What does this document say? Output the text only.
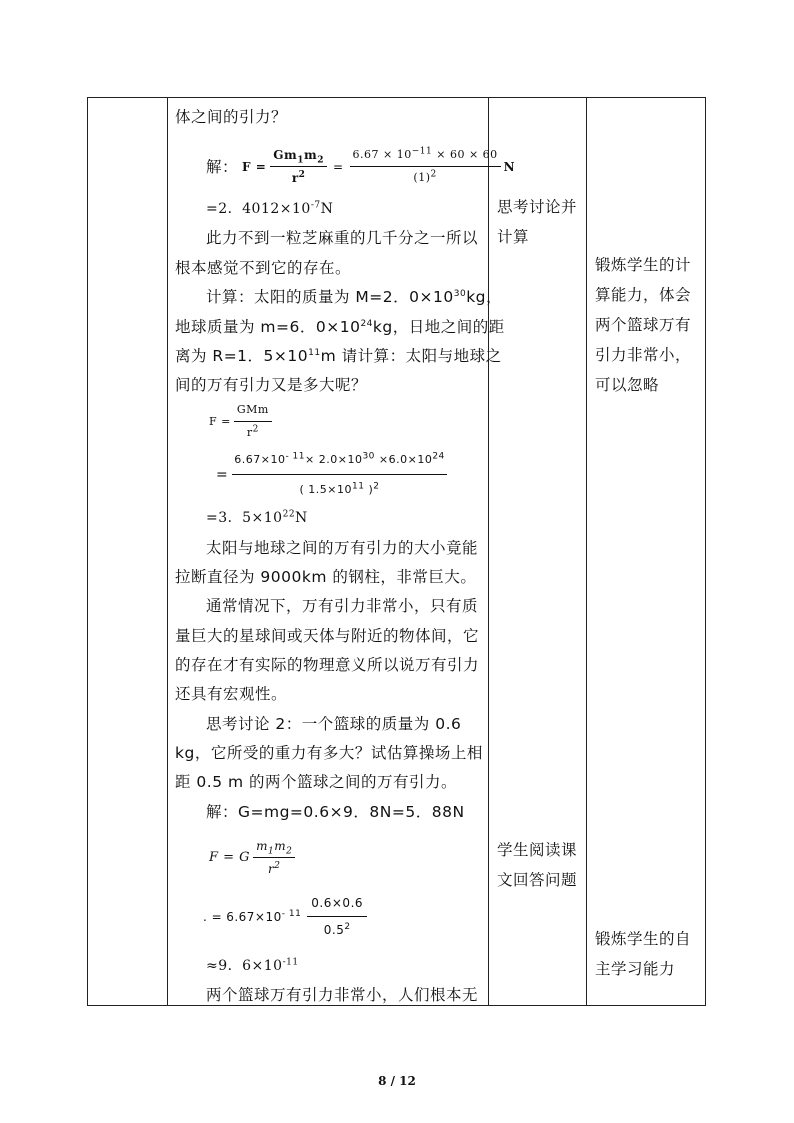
体之间的引力？
解： $F = \frac{Gm_1m_2}{r^2} = \frac{6.67 \times 10^{-11} \times 60 \times 60}{(1)^2}$ N
=2．$4012\times 10^{-7}N$
此力不到一粒芝麻重的几千分之一所以
根本感觉不到它的存在。
计算：太阳的质量为 M=2．$0\times 10^{30}kg$，
地球质量为 m=6．$0\times 10^{24}kg$，日地之间的距
离为 R=1．$5\times 10^{11}m$ 请计算：太阳与地球之
间的万有引力又是多大呢？
$F = \frac{\text{GMm}}{r^2}$
= $\frac{6.67\times 10^{- 11}\times 2.0\times 10^{30} \times 6.0\times 10^{24}}{( 1.5\times 10^{11} )^2}$
=3．$5\times 10^{22}N$
太阳与地球之间的万有引力的大小竟能
拉断直径为 9000km 的钢柱，非常巨大。
通常情况下，万有引力非常小，只有质
量巨大的星球间或天体与附近的物体间，它
的存在才有实际的物理意义所以说万有引力
还具有宏观性。
思考讨论 2：一个篮球的质量为 0.6
kg，它所受的重力有多大？试估算操场上相
距 0.5 m 的两个篮球之间的万有引力。
解：G=mg=0.6×9．8N=5．88N
F = G $\frac{m_1m_2}{r^2}$
. = $6.67\times 10^{- 11} \frac{0.6\times 0.6}{0.5^2}$
≈9．$6\times 10^{-11}$
两个篮球万有引力非常小，人们根本无
思考讨论并
计算
学生阅读课
文回答问题
锻炼学生的计
算能力，体会
两个篮球万有
引力非常小，
可以忽略
锻炼学生的自
主学习能力
8 / 12
